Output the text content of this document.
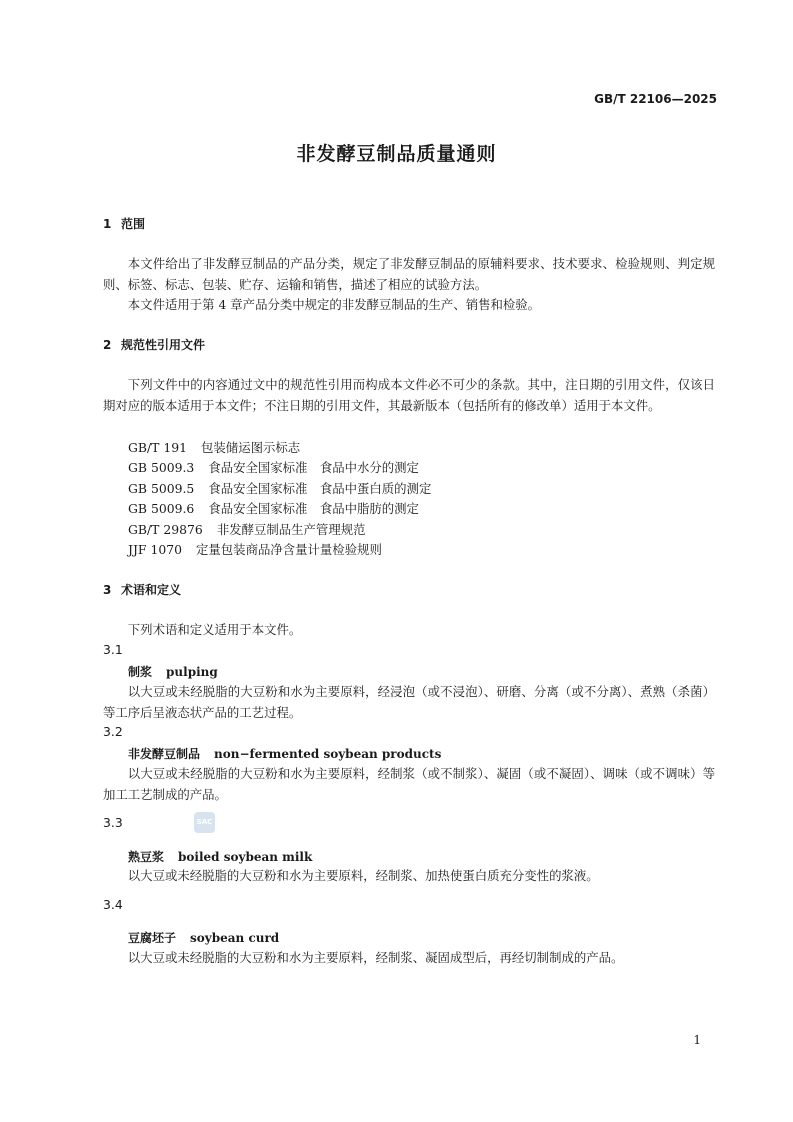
GB/T 22106—2025
非发酵豆制品质量通则
1 范围
本文件给出了非发酵豆制品的产品分类，规定了非发酵豆制品的原辅料要求、技术要求、检验规则、判定规则、标签、标志、包装、贮存、运输和销售，描述了相应的试验方法。
本文件适用于第 4 章产品分类中规定的非发酵豆制品的生产、销售和检验。
2 规范性引用文件
下列文件中的内容通过文中的规范性引用而构成本文件必不可少的条款。其中，注日期的引用文件，仅该日期对应的版本适用于本文件；不注日期的引用文件，其最新版本（包括所有的修改单）适用于本文件。
GB/T 191 包装储运图示标志
GB 5009.3 食品安全国家标准　食品中水分的测定
GB 5009.5 食品安全国家标准　食品中蛋白质的测定
GB 5009.6 食品安全国家标准　食品中脂肪的测定
GB/T 29876 非发酵豆制品生产管理规范
JJF 1070 定量包装商品净含量计量检验规则
3 术语和定义
下列术语和定义适用于本文件。
3.1
制浆 pulping
以大豆或未经脱脂的大豆粉和水为主要原料，经浸泡（或不浸泡）、研磨、分离（或不分离）、煮熟（杀菌）等工序后呈液态状产品的工艺过程。
3.2
非发酵豆制品 non−fermented soybean products
以大豆或未经脱脂的大豆粉和水为主要原料，经制浆（或不制浆）、凝固（或不凝固）、调味（或不调味）等加工工艺制成的产品。
3.3	SAC
熟豆浆 boiled soybean milk
以大豆或未经脱脂的大豆粉和水为主要原料，经制浆、加热使蛋白质充分变性的浆液。
3.4
豆腐坯子 soybean curd
以大豆或未经脱脂的大豆粉和水为主要原料，经制浆、凝固成型后，再经切制制成的产品。
1
